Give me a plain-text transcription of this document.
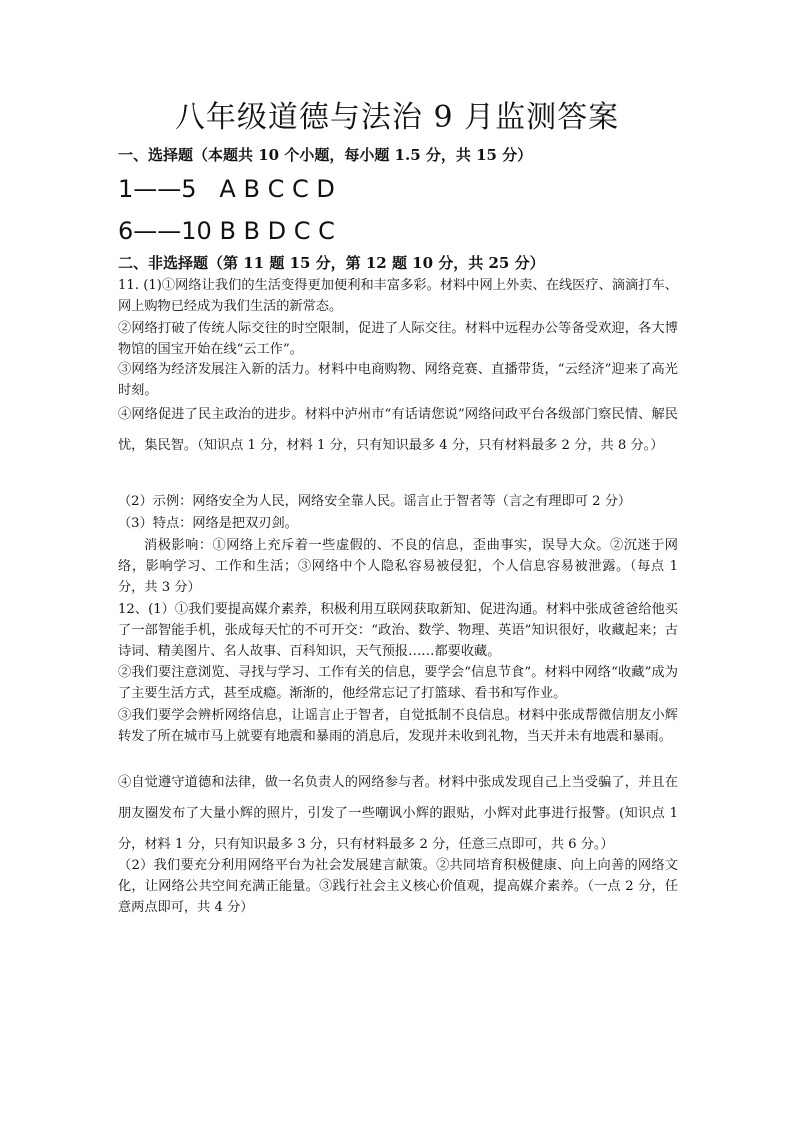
八年级道德与法治 9 月监测答案
一、选择题（本题共 10 个小题，每小题 1.5 分，共 15 分）
1——5   A B C C D
6——10 B B D C C
二、非选择题（第 11 题 15 分，第 12 题 10 分，共 25 分）

11. (1)①网络让我们的生活变得更加便利和丰富多彩。材料中网上外卖、在线医疗、滴滴打车、网上购物已经成为我们生活的新常态。

②网络打破了传统人际交往的时空限制，促进了人际交往。材料中远程办公等备受欢迎，各大博物馆的国宝开始在线“云工作”。

③网络为经济发展注入新的活力。材料中电商购物、网络竞赛、直播带货，“云经济”迎来了高光时刻。

④网络促进了民主政治的进步。材料中泸州市“有话请您说”网络问政平台各级部门察民情、解民忧，集民智。（知识点 1 分，材料 1 分，只有知识最多 4 分，只有材料最多 2 分，共 8 分。）

（2）示例：网络安全为人民，网络安全靠人民。谣言止于智者等（言之有理即可 2 分）

（3）特点：网络是把双刃剑。

消极影响：①网络上充斥着一些虚假的、不良的信息，歪曲事实，误导大众。②沉迷于网络，影响学习、工作和生活；③网络中个人隐私容易被侵犯，个人信息容易被泄露。（每点 1 分，共 3 分）

12、(1）①我们要提高媒介素养，积极利用互联网获取新知、促进沟通。材料中张成爸爸给他买了一部智能手机，张成每天忙的不可开交：“政治、数学、物理、英语”知识很好，收藏起来；古诗词、精美图片、名人故事、百科知识，天气预报……都要收藏。

②我们要注意浏览、寻找与学习、工作有关的信息，要学会“信息节食”。材料中网络“收藏”成为了主要生活方式，甚至成瘾。渐渐的，他经常忘记了打篮球、看书和写作业。

③我们要学会辨析网络信息，让谣言止于智者，自觉抵制不良信息。材料中张成帮微信朋友小辉转发了所在城市马上就要有地震和暴雨的消息后，发现并未收到礼物，当天并未有地震和暴雨。

④自觉遵守道德和法律，做一名负责人的网络参与者。材料中张成发现自己上当受骗了，并且在朋友圈发布了大量小辉的照片，引发了一些嘲讽小辉的跟贴，小辉对此事进行报警。(知识点 1 分，材料 1 分，只有知识最多 3 分，只有材料最多 2 分，任意三点即可，共 6 分。）

（2）我们要充分利用网络平台为社会发展建言献策。②共同培育积极健康、向上向善的网络文化，让网络公共空间充满正能量。③践行社会主义核心价值观，提高媒介素养。（一点 2 分，任意两点即可，共 4 分）
